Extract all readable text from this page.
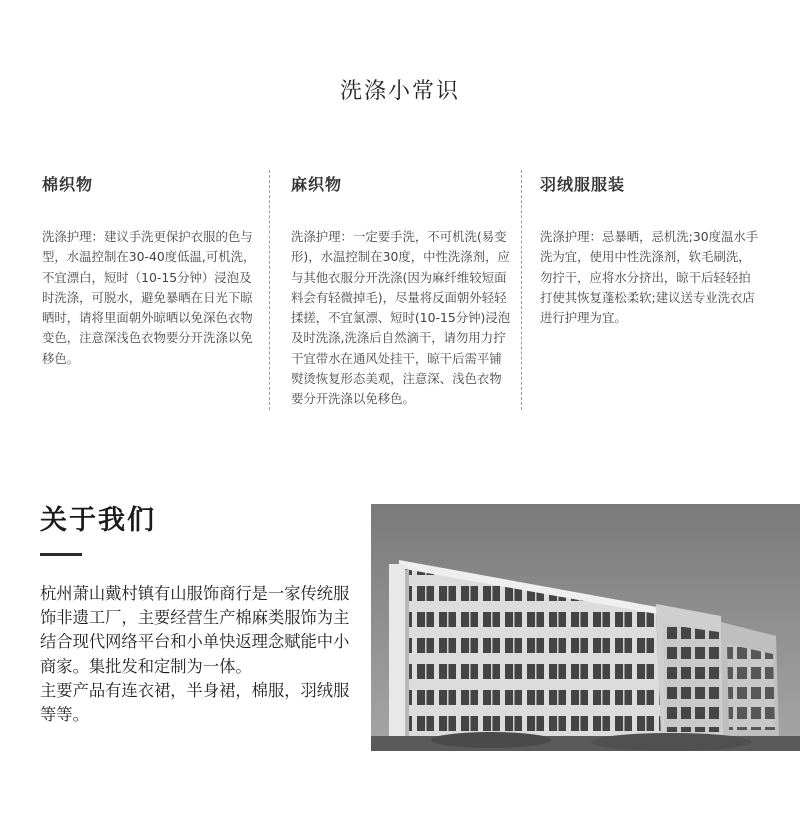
洗涤小常识
棉织物

洗涤护理：建议手洗更保护衣服的色与型，水温控制在30-40度低温,可机洗，不宜漂白，短时（10-15分钟）浸泡及时洗涤，可脱水，避免暴晒在日光下晾晒时，请将里面朝外晾晒以免深色衣物变色，注意深浅色衣物要分开洗涤以免移色。

麻织物

洗涤护理：一定要手洗，不可机洗(易变形)，水温控制在30度，中性洗涤剂，应与其他衣服分开洗涤(因为麻纤维较短面料会有轻微掉毛)，尽量将反面朝外轻轻揉搓，不宜氯漂、短时(10-15分钟)浸泡及时洗涤,洗涤后自然滴干，请勿用力拧干宜带水在通风处挂干，晾干后需平铺熨烫恢复形态美观，注意深、浅色衣物要分开洗涤以免移色。

羽绒服服装

洗涤护理：忌暴晒，忌机洗;30度温水手洗为宜，使用中性洗涤剂，软毛刷洗，勿拧干，应将水分挤出，晾干后轻轻拍打使其恢复蓬松柔软;建议送专业洗衣店进行护理为宜。

关于我们
杭州萧山戴村镇有山服饰商行是一家传统服饰非遗工厂，主要经营生产棉麻类服饰为主
结合现代网络平台和小单快返理念赋能中小商家。集批发和定制为一体。
主要产品有连衣裙，半身裙，棉服，羽绒服等等。
